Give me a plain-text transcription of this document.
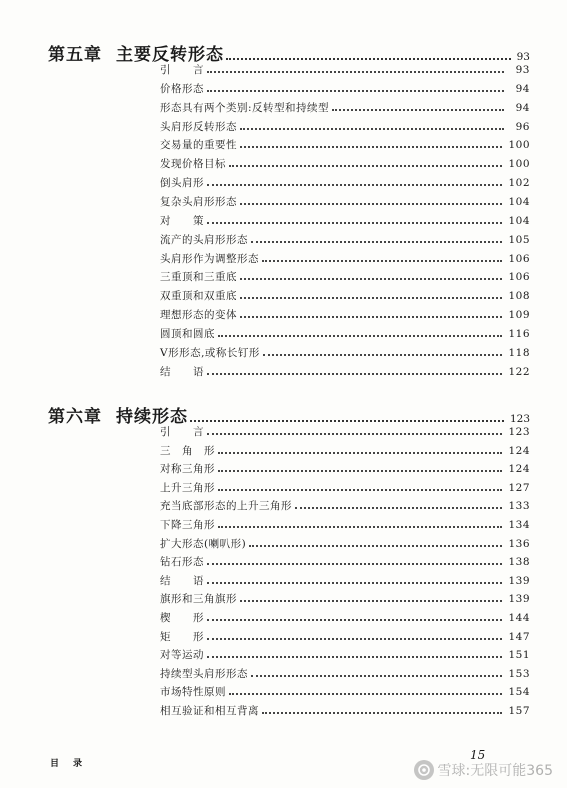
第五章 主要反转形态	93
引　　言	93
价格形态	94
形态具有两个类别:反转型和持续型	94
头肩形反转形态	96
交易量的重要性	100
发现价格目标	100
倒头肩形	102
复杂头肩形形态	104
对　　策	104
流产的头肩形形态	105
头肩形作为调整形态	106
三重顶和三重底	106
双重顶和双重底	108
理想形态的变体	109
圆顶和圆底	116
V形形态,或称长钉形	118
结　　语	122
第六章 持续形态	123
引　　言	123
三　角　形	124
对称三角形	124
上升三角形	127
充当底部形态的上升三角形	133
下降三角形	134
扩大形态(喇叭形)	136
钻石形态	138
结　　语	139
旗形和三角旗形	139
楔　　形	144
矩　　形	147
对等运动	151
持续型头肩形形态	153
市场特性原则	154
相互验证和相互背离	157
目录
15
雪球:无限可能365
